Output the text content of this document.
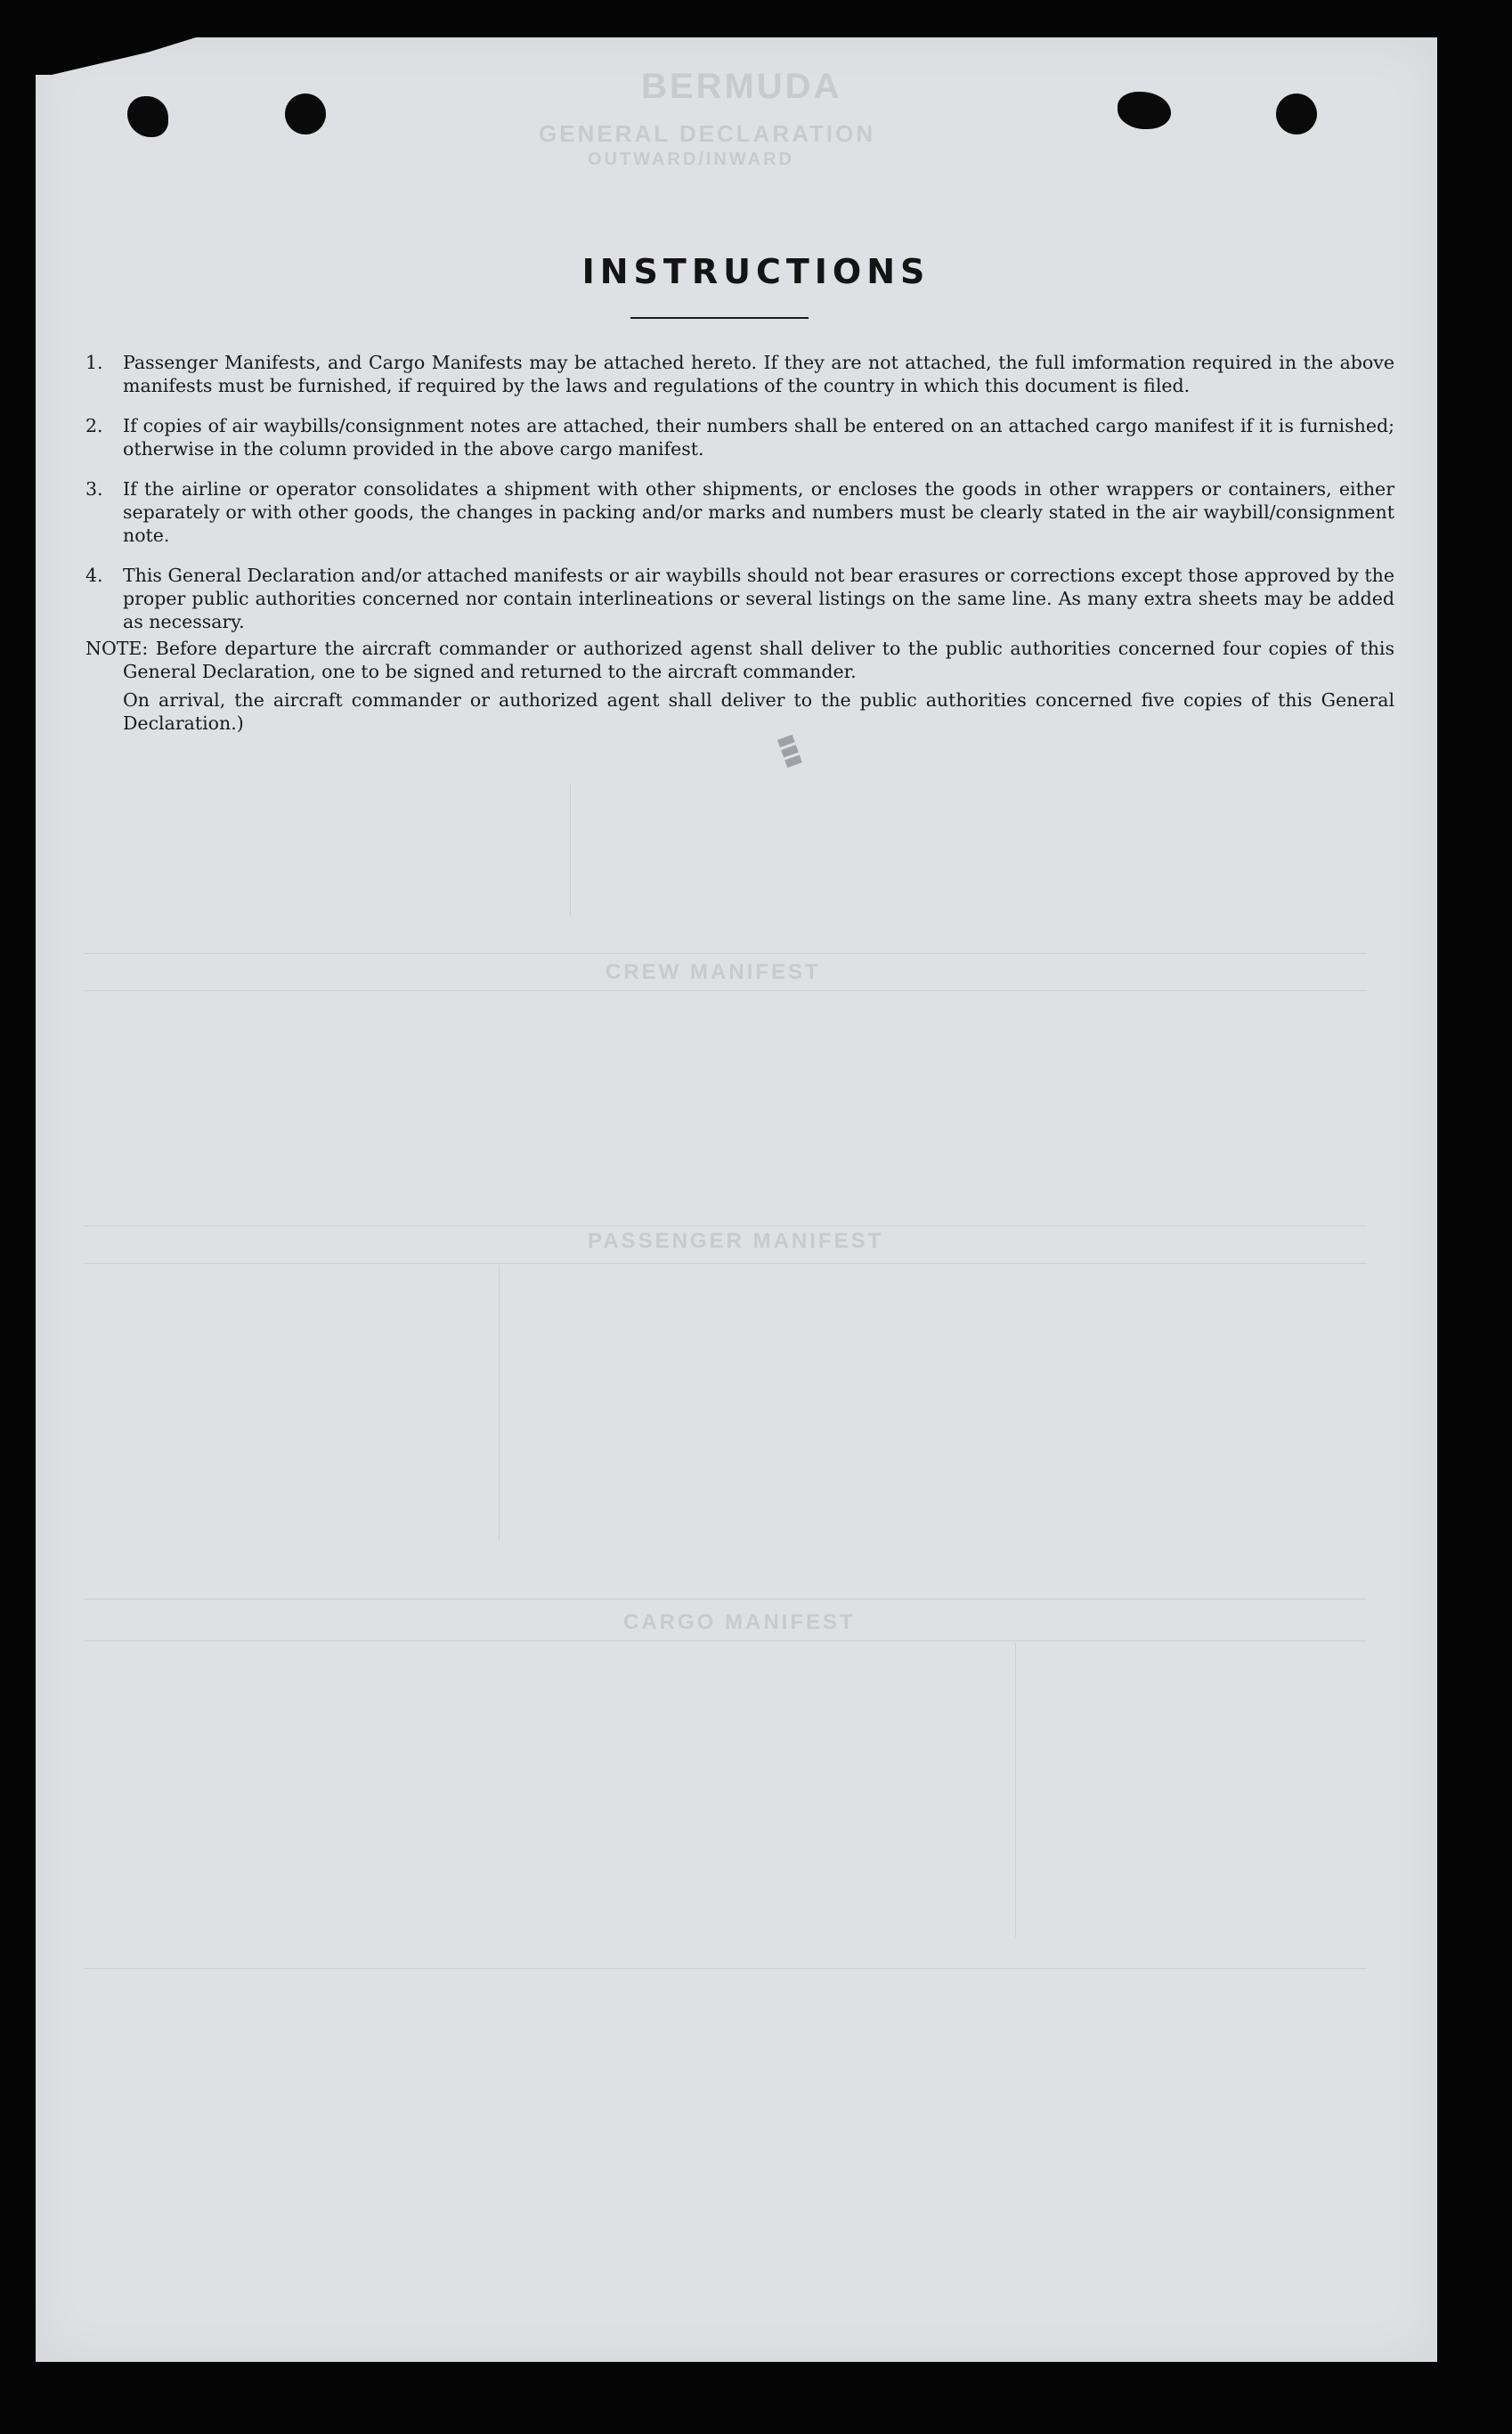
BERMUDA
GENERAL DECLARATION
OUTWARD/INWARD
CREW MANIFEST
PASSENGER MANIFEST
CARGO MANIFEST
▮▮▮
INSTRUCTIONS
1. Passenger Manifests, and Cargo Manifests may be attached hereto. If they are not attached, the full imformation required in the above manifests must be furnished, if required by the laws and regulations of the country in which this document is filed.
2. If copies of air waybills/consignment notes are attached, their numbers shall be entered on an attached cargo manifest if it is furnished; otherwise in the column provided in the above cargo manifest.
3. If the airline or operator consolidates a shipment with other shipments, or encloses the goods in other wrappers or containers, either separately or with other goods, the changes in packing and/or marks and numbers must be clearly stated in the air waybill/consignment note.
4. This General Declaration and/or attached manifests or air waybills should not bear erasures or corrections except those approved by the proper public authorities concerned nor contain interlineations or several listings on the same line. As many extra sheets may be added as necessary.

NOTE: Before departure the aircraft commander or authorized agenst shall deliver to the public authorities concerned four copies of this General Declaration, one to be signed and returned to the aircraft commander.

On arrival, the aircraft commander or authorized agent shall deliver to the public authorities concerned five copies of this General Declaration.)
